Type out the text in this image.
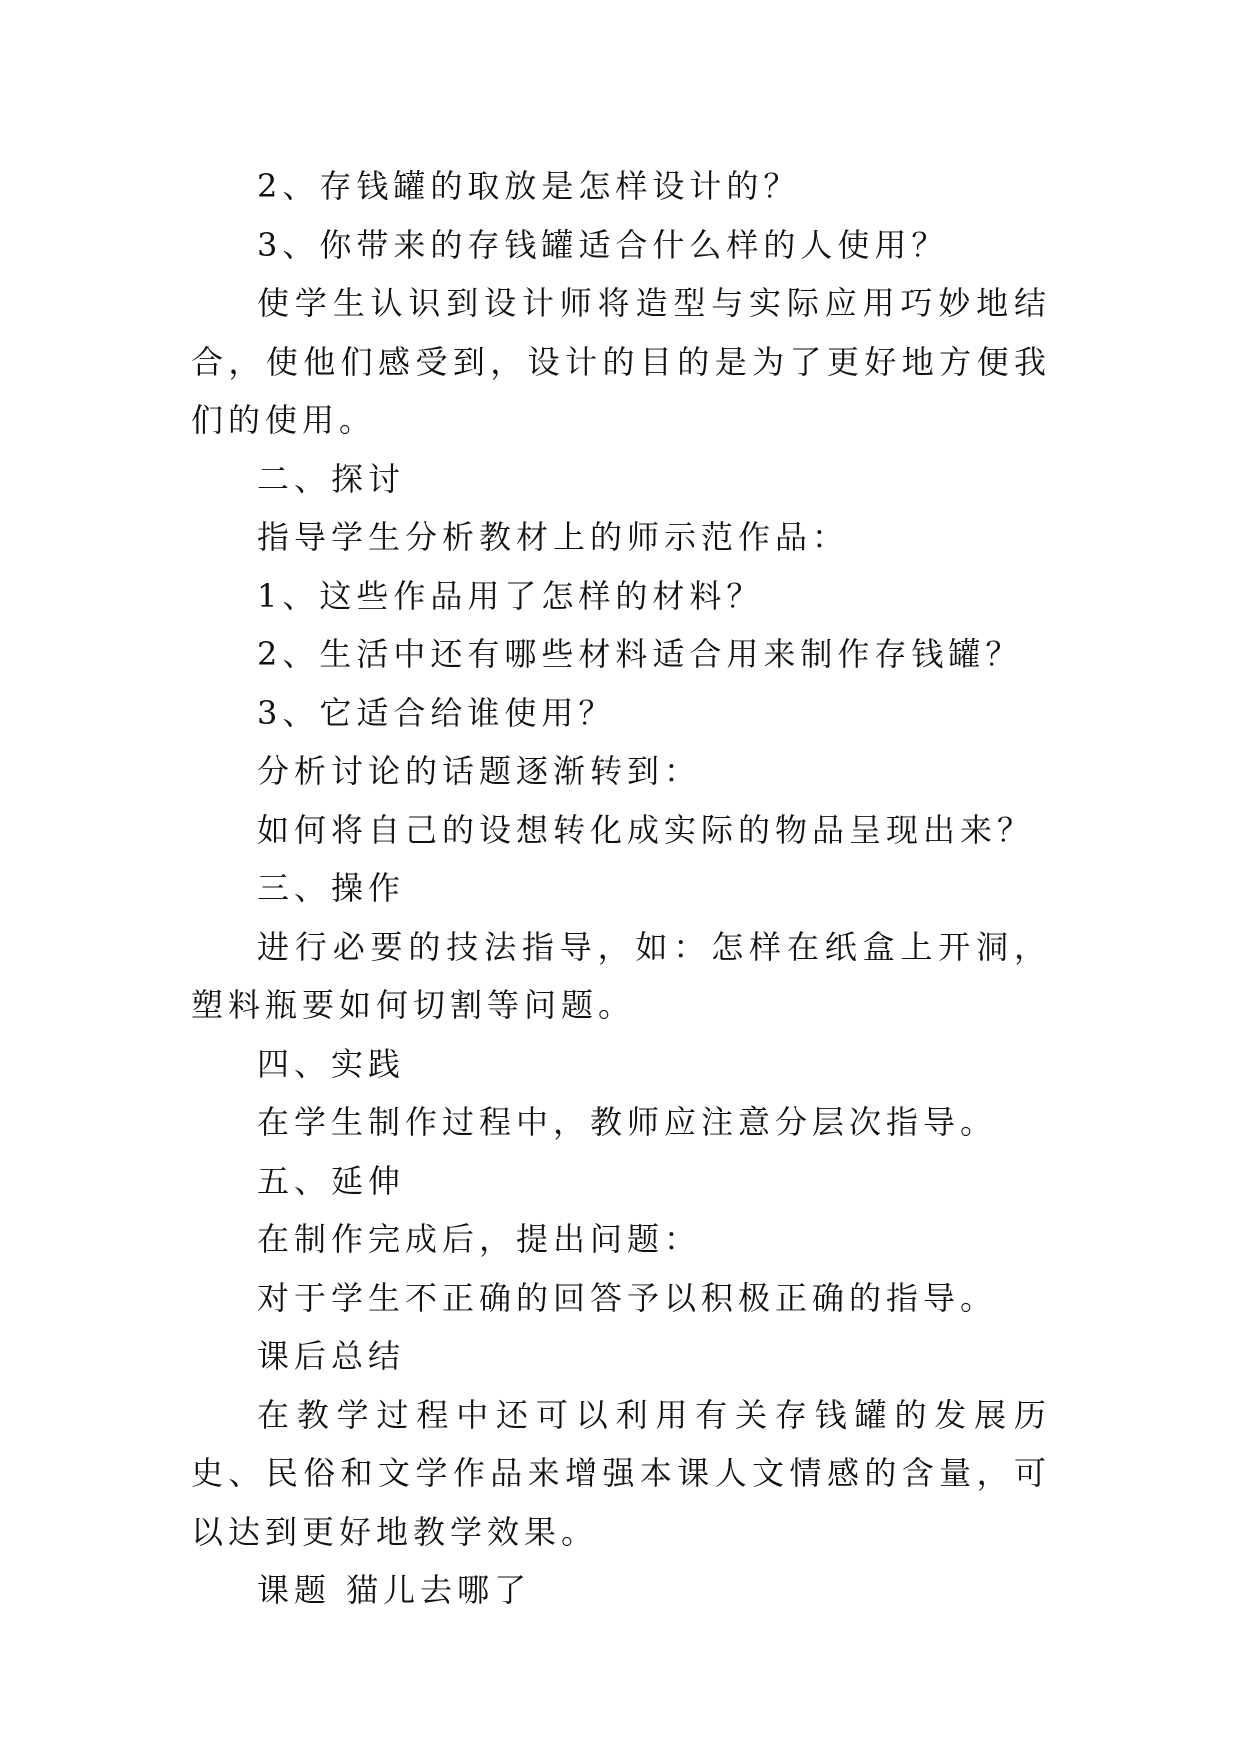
2、存钱罐的取放是怎样设计的？

3、你带来的存钱罐适合什么样的人使用？

使学生认识到设计师将造型与实际应用巧妙地结合，使他们感受到，设计的目的是为了更好地方便我们的使用。

二、探讨

指导学生分析教材上的师示范作品：

1、这些作品用了怎样的材料？

2、生活中还有哪些材料适合用来制作存钱罐？

3、它适合给谁使用？

分析讨论的话题逐渐转到：

如何将自己的设想转化成实际的物品呈现出来？

三、操作

进行必要的技法指导，如：怎样在纸盒上开洞，塑料瓶要如何切割等问题。

四、实践

在学生制作过程中，教师应注意分层次指导。

五、延伸

在制作完成后，提出问题：

对于学生不正确的回答予以积极正确的指导。

课后总结

在教学过程中还可以利用有关存钱罐的发展历史、民俗和文学作品来增强本课人文情感的含量，可以达到更好地教学效果。

课题 猫儿去哪了
